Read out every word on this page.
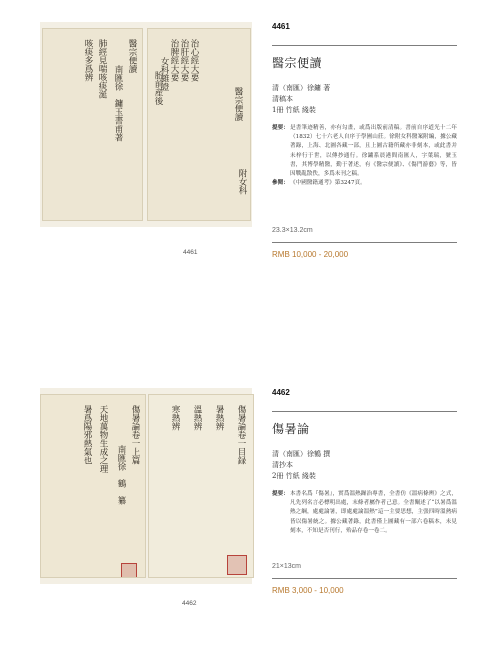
醫宗便讀
南匯徐　鏞玉書甫著
肺經見喘咳痰涎
咳痰多爲辨
醫宗便讀
治心經大要
治肝經大要
治脾經大要
女科雜證
胎前産後
附女科
4461
4461
醫宗便讀
清（南匯）徐鏞 著
清稿本
1冊 竹紙 綫裝
提要： 是書筆迹精善，亦有勾畫，或爲出版前清稿。書前自序道光十二年（1832）七十六老人自序于學圃山莊。徐附女科醫案附編，據公藏著錄，上海、北圖各藏一部，且上圖古籍所藏亦非刻本，或此書并未梓行于世，以傳抄通行。徐鏞系晨港間南匯人，字葉瑞，號玉書，其博學精醫，勤于著述，有《醫宗便讀》、《傷門游藝》等，皆因戰亂散佚，多爲未刊之稿。
參閱： 《中國醫籍通考》第3247頁。
23.3×13.2cm
RMB 10,000 - 20,000
傷暑論卷一上篇
南匯徐　鶴　纂
天地萬物生成之理
暑爲陽邪熱氣也	傷暑論卷一目録
暑熱辨
溫熱辨
寒熱辨
4462
4462
傷暑論
清（南匯）徐鶴 撰
清抄本
2冊 竹紙 綫裝
提要： 本書名爲『傷暑』，實爲溫熱躁治專書，全書仿《溫病條辨》之式，凡先列名言必標明出處，末條者屬作者己意。全書闡述了“以暑爲溫熱之綱，處處論暑，即處處論溫熱”這一主要思想，主張四時溫熱病皆以傷暑統之。據公藏著錄，此書僅上圖藏有一部六卷稿本，未見刻本，不知是否刊行，殆品存卷一卷二。
21×13cm
RMB 3,000 - 10,000
